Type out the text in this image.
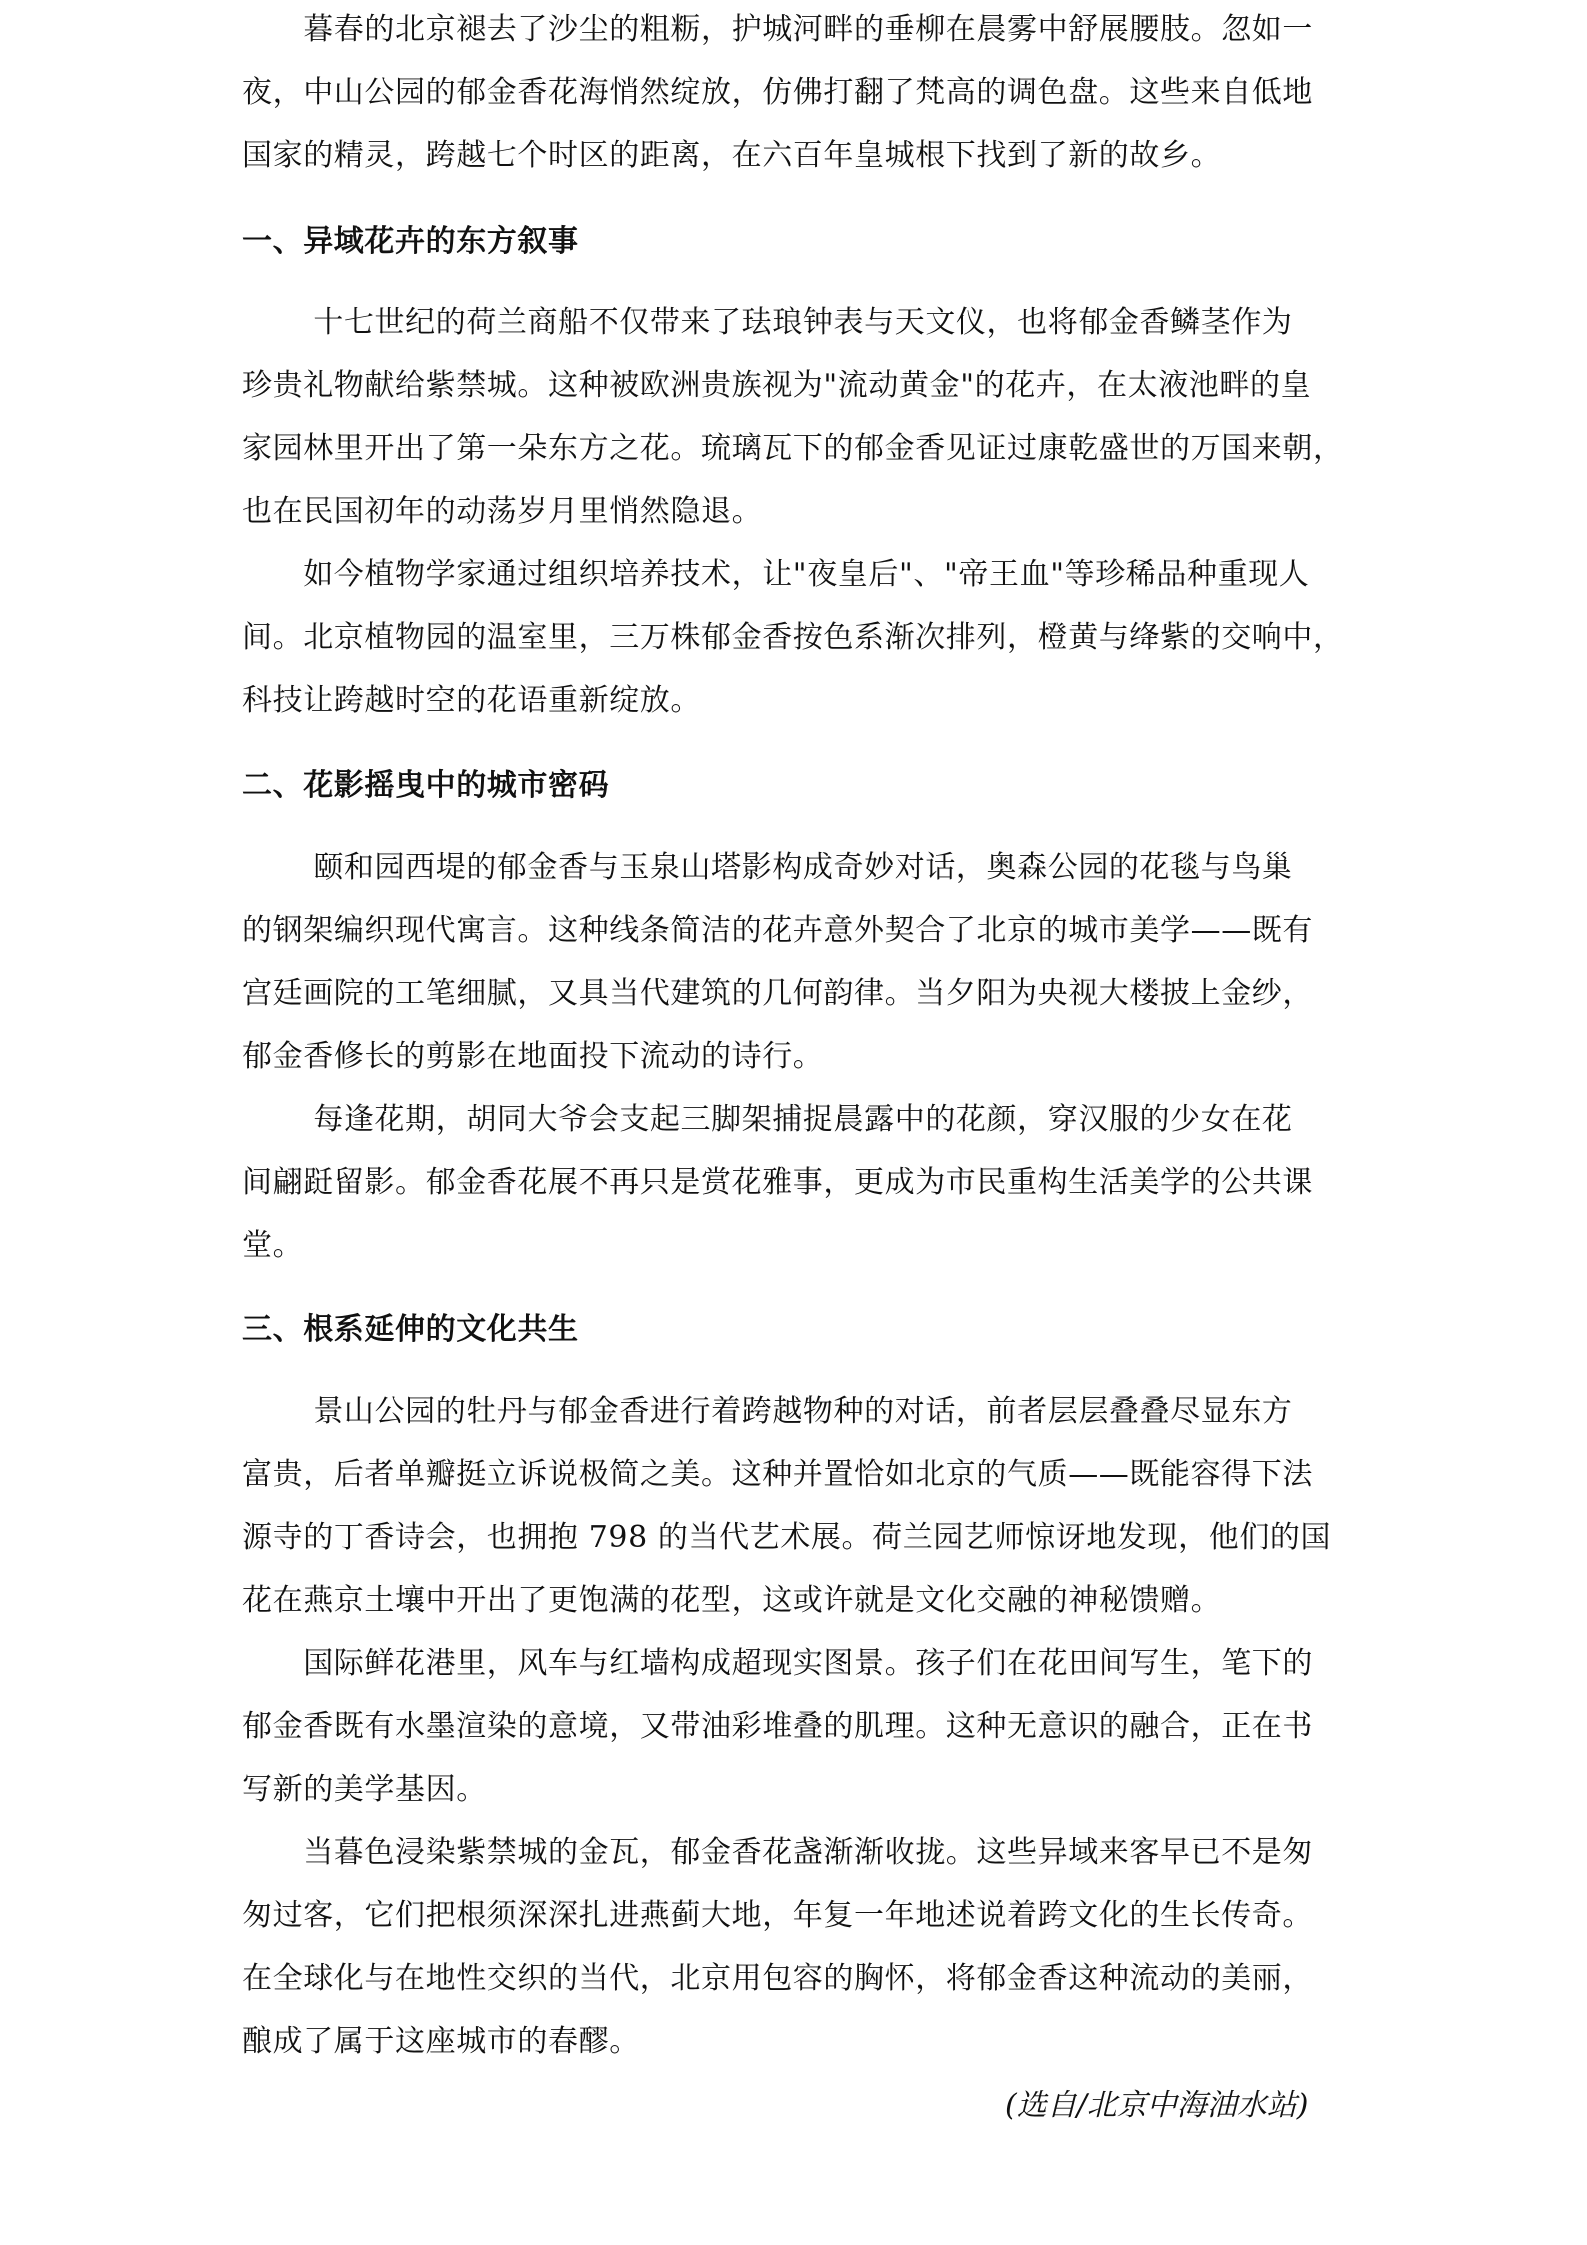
　　暮春的北京褪去了沙尘的粗粝，护城河畔的垂柳在晨雾中舒展腰肢。忽如一
夜，中山公园的郁金香花海悄然绽放，仿佛打翻了梵高的调色盘。这些来自低地
国家的精灵，跨越七个时区的距离，在六百年皇城根下找到了新的故乡。
一、异域花卉的东方叙事
　　 十七世纪的荷兰商船不仅带来了珐琅钟表与天文仪，也将郁金香鳞茎作为
珍贵礼物献给紫禁城。这种被欧洲贵族视为"流动黄金"的花卉，在太液池畔的皇
家园林里开出了第一朵东方之花。琉璃瓦下的郁金香见证过康乾盛世的万国来朝，
也在民国初年的动荡岁月里悄然隐退。
　　如今植物学家通过组织培养技术，让"夜皇后"、"帝王血"等珍稀品种重现人
间。北京植物园的温室里，三万株郁金香按色系渐次排列，橙黄与绛紫的交响中，
科技让跨越时空的花语重新绽放。
二、花影摇曳中的城市密码
　　 颐和园西堤的郁金香与玉泉山塔影构成奇妙对话，奥森公园的花毯与鸟巢
的钢架编织现代寓言。这种线条简洁的花卉意外契合了北京的城市美学——既有
宫廷画院的工笔细腻，又具当代建筑的几何韵律。当夕阳为央视大楼披上金纱，
郁金香修长的剪影在地面投下流动的诗行。
　　 每逢花期，胡同大爷会支起三脚架捕捉晨露中的花颜，穿汉服的少女在花
间翩跹留影。郁金香花展不再只是赏花雅事，更成为市民重构生活美学的公共课
堂。
三、根系延伸的文化共生
　　 景山公园的牡丹与郁金香进行着跨越物种的对话，前者层层叠叠尽显东方
富贵，后者单瓣挺立诉说极简之美。这种并置恰如北京的气质——既能容得下法
源寺的丁香诗会，也拥抱 798 的当代艺术展。荷兰园艺师惊讶地发现，他们的国
花在燕京土壤中开出了更饱满的花型，这或许就是文化交融的神秘馈赠。
　　国际鲜花港里，风车与红墙构成超现实图景。孩子们在花田间写生，笔下的
郁金香既有水墨渲染的意境，又带油彩堆叠的肌理。这种无意识的融合，正在书
写新的美学基因。
　　当暮色浸染紫禁城的金瓦，郁金香花盏渐渐收拢。这些异域来客早已不是匆
匆过客，它们把根须深深扎进燕蓟大地，年复一年地述说着跨文化的生长传奇。
在全球化与在地性交织的当代，北京用包容的胸怀，将郁金香这种流动的美丽，
酿成了属于这座城市的春醪。
(选自/北京中海油水站)
